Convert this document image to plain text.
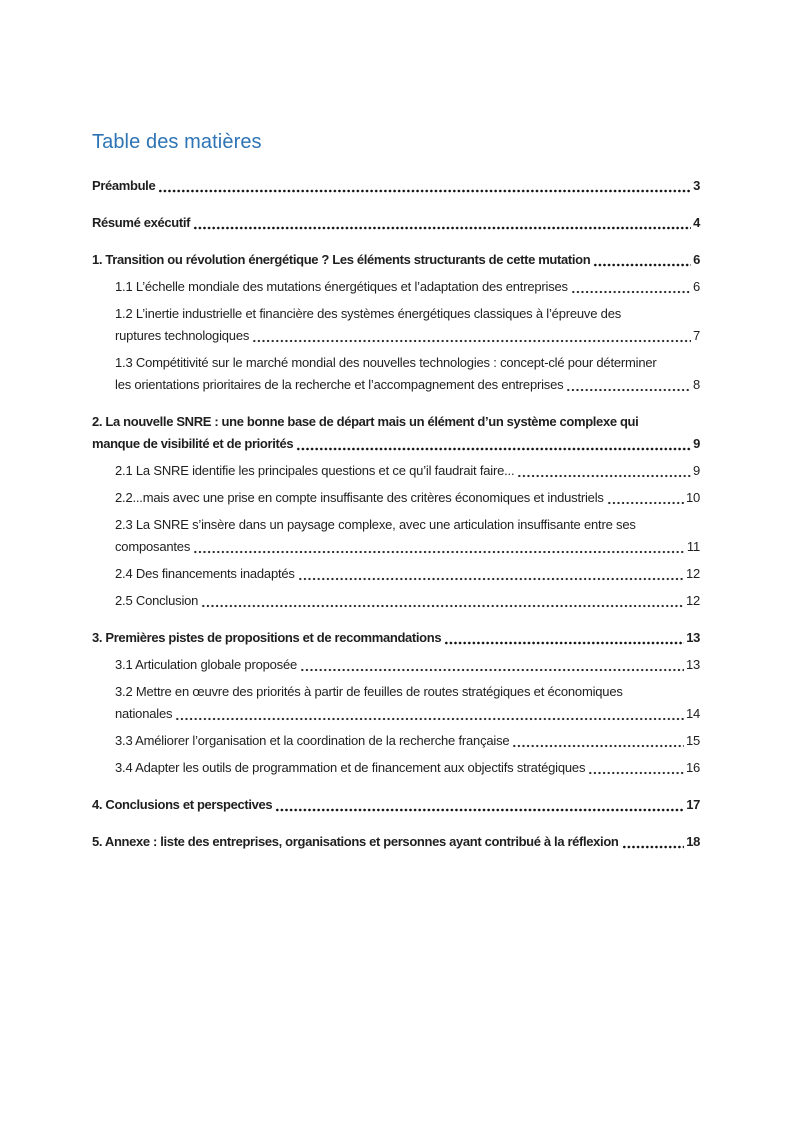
Table des matières
Préambule	3
Résumé exécutif	4
1. Transition ou révolution énergétique ? Les éléments structurants de cette mutation	6
1.1 L’échelle mondiale des mutations énergétiques et l’adaptation des entreprises	6
1.2 L’inertie industrielle et financière des systèmes énergétiques classiques à l’épreuve des
ruptures technologiques	7
1.3 Compétitivité sur le marché mondial des nouvelles technologies : concept-clé pour déterminer
les orientations prioritaires de la recherche et l’accompagnement des entreprises	8
2. La nouvelle SNRE : une bonne base de départ mais un élément d’un système complexe qui
manque de visibilité et de priorités	9
2.1 La SNRE identifie les principales questions et ce qu’il faudrait faire...	9
2.2...mais avec une prise en compte insuffisante des critères économiques et industriels	10
2.3 La SNRE s’insère dans un paysage complexe, avec une articulation insuffisante entre ses
composantes	11
2.4 Des financements inadaptés	12
2.5 Conclusion	12
3. Premières pistes de propositions et de recommandations	13
3.1 Articulation globale proposée	13
3.2 Mettre en œuvre des priorités à partir de feuilles de routes stratégiques et économiques
nationales	14
3.3 Améliorer l’organisation et la coordination de la recherche française	15
3.4 Adapter les outils de programmation et de financement aux objectifs stratégiques	16
4. Conclusions et perspectives	17
5. Annexe : liste des entreprises, organisations et personnes ayant contribué à la réflexion	18
